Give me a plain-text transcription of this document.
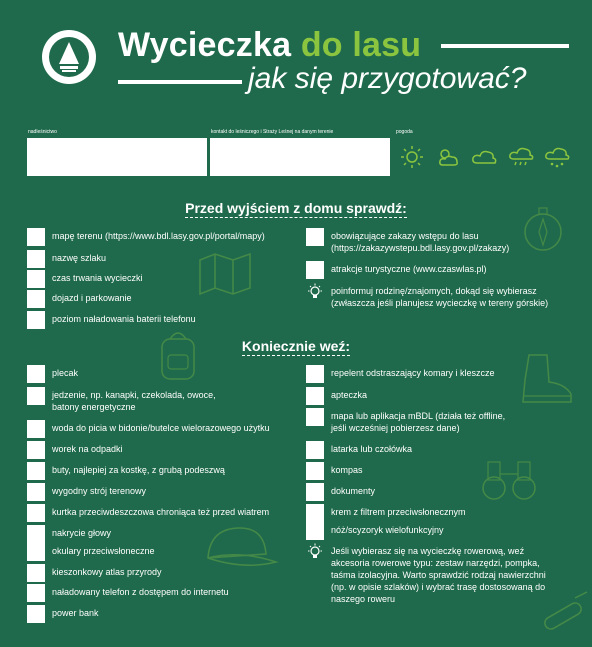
Wycieczka do lasu
jak się przygotować?
nadleśnictwo	kontakt do leśniczego i Straży Leśnej na danym terenie	pogoda
Przed wyjściem z domu sprawdź:
mapę terenu (https://www.bdl.lasy.gov.pl/portal/mapy)
nazwę szlaku
czas trwania wycieczki
dojazd i parkowanie
poziom naładowania baterii telefonu
obowiązujące zakazy wstępu do lasu (https://zakazywstepu.bdl.lasy.gov.pl/zakazy)
atrakcje turystyczne (www.czaswlas.pl)
poinformuj rodzinę/znajomych, dokąd się wybierasz (zwłaszcza jeśli planujesz wycieczkę w tereny górskie)
Koniecznie weź:
plecak
jedzenie, np. kanapki, czekolada, owoce, batony energetyczne
woda do picia w bidonie/butelce wielorazowego użytku
worek na odpadki
buty, najlepiej za kostkę, z grubą podeszwą
wygodny strój terenowy
kurtka przeciwdeszczowa chroniąca też przed wiatrem
nakrycie głowy
okulary przeciwsłoneczne
kieszonkowy atlas przyrody
naładowany telefon z dostępem do internetu
power bank
repelent odstraszający komary i kleszcze
apteczka
mapa lub aplikacja mBDL (działa też offline, jeśli wcześniej pobierzesz dane)
latarka lub czołówka
kompas
dokumenty
krem z filtrem przeciwsłonecznym
nóż/scyzoryk wielofunkcyjny
Jeśli wybierasz się na wycieczkę rowerową, weź akcesoria rowerowe typu: zestaw narzędzi, pompka, taśma izolacyjna. Warto sprawdzić rodzaj nawierzchni (np. w opisie szlaków) i wybrać trasę dostosowaną do naszego roweru
